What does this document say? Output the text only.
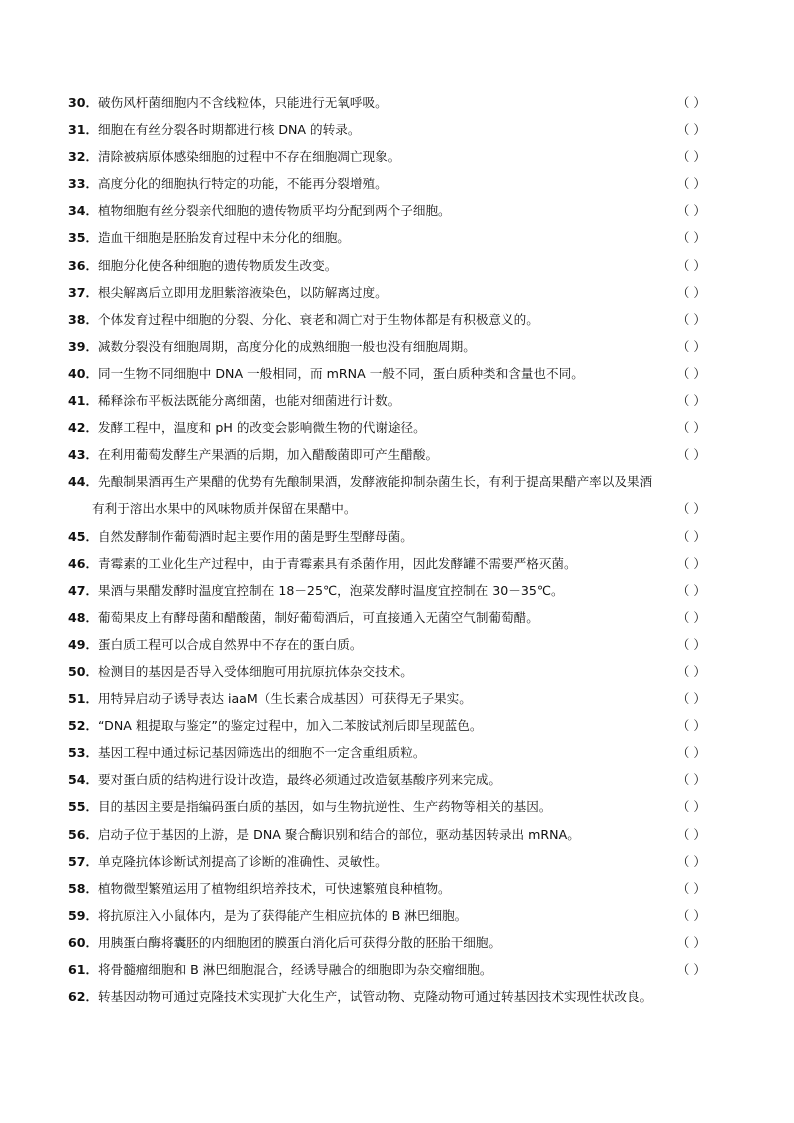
30．破伤风杆菌细胞内不含线粒体，只能进行无氧呼吸。	（ ）
31．细胞在有丝分裂各时期都进行核 DNA 的转录。	（ ）
32．清除被病原体感染细胞的过程中不存在细胞凋亡现象。	（ ）
33．高度分化的细胞执行特定的功能，不能再分裂增殖。	（ ）
34．植物细胞有丝分裂亲代细胞的遗传物质平均分配到两个子细胞。	（ ）
35．造血干细胞是胚胎发育过程中未分化的细胞。	（ ）
36．细胞分化使各种细胞的遗传物质发生改变。	（ ）
37．根尖解离后立即用龙胆紫溶液染色，以防解离过度。	（ ）
38．个体发育过程中细胞的分裂、分化、衰老和凋亡对于生物体都是有积极意义的。	（ ）
39．减数分裂没有细胞周期，高度分化的成熟细胞一般也没有细胞周期。	（ ）
40．同一生物不同细胞中 DNA 一般相同，而 mRNA 一般不同，蛋白质种类和含量也不同。	（ ）
41．稀释涂布平板法既能分离细菌，也能对细菌进行计数。	（ ）
42．发酵工程中，温度和 pH 的改变会影响微生物的代谢途径。	（ ）
43．在利用葡萄发酵生产果酒的后期，加入醋酸菌即可产生醋酸。	（ ）
44．先酿制果酒再生产果醋的优势有先酿制果酒，发酵液能抑制杂菌生长，有利于提高果醋产率以及果酒
有利于溶出水果中的风味物质并保留在果醋中。	（ ）
45．自然发酵制作葡萄酒时起主要作用的菌是野生型酵母菌。	（ ）
46．青霉素的工业化生产过程中，由于青霉素具有杀菌作用，因此发酵罐不需要严格灭菌。	（ ）
47．果酒与果醋发酵时温度宜控制在 18－25℃，泡菜发酵时温度宜控制在 30－35℃。	（ ）
48．葡萄果皮上有酵母菌和醋酸菌，制好葡萄酒后，可直接通入无菌空气制葡萄醋。	（ ）
49．蛋白质工程可以合成自然界中不存在的蛋白质。	（ ）
50．检测目的基因是否导入受体细胞可用抗原抗体杂交技术。	（ ）
51．用特异启动子诱导表达 iaaM（生长素合成基因）可获得无子果实。	（ ）
52．“DNA 粗提取与鉴定”的鉴定过程中，加入二苯胺试剂后即呈现蓝色。	（ ）
53．基因工程中通过标记基因筛选出的细胞不一定含重组质粒。	（ ）
54．要对蛋白质的结构进行设计改造，最终必须通过改造氨基酸序列来完成。	（ ）
55．目的基因主要是指编码蛋白质的基因，如与生物抗逆性、生产药物等相关的基因。	（ ）
56．启动子位于基因的上游，是 DNA 聚合酶识别和结合的部位，驱动基因转录出 mRNA。	（ ）
57．单克隆抗体诊断试剂提高了诊断的准确性、灵敏性。	（ ）
58．植物微型繁殖运用了植物组织培养技术，可快速繁殖良种植物。	（ ）
59．将抗原注入小鼠体内，是为了获得能产生相应抗体的 B 淋巴细胞。	（ ）
60．用胰蛋白酶将囊胚的内细胞团的膜蛋白消化后可获得分散的胚胎干细胞。	（ ）
61．将骨髓瘤细胞和 B 淋巴细胞混合，经诱导融合的细胞即为杂交瘤细胞。	（ ）
62．转基因动物可通过克隆技术实现扩大化生产，试管动物、克隆动物可通过转基因技术实现性状改良。
